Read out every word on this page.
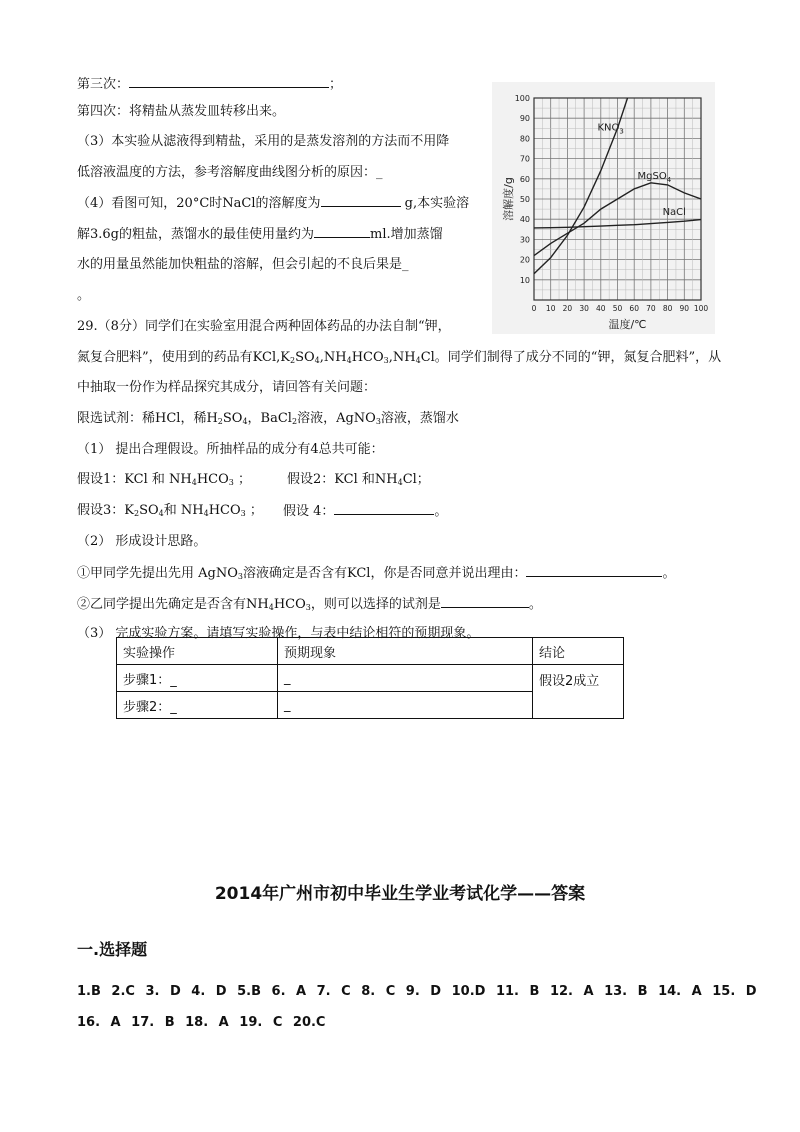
第三次：	；
第四次：将精盐从蒸发皿转移出来。
（3）本实验从滤液得到精盐，采用的是蒸发溶剂的方法而不用降
低溶液温度的方法，参考溶解度曲线图分析的原因：_
（4）看图可知，20°C时NaCl的溶解度为	g,本实验溶
解3.6g的粗盐，蒸馏水的最佳使用量约为	ml.增加蒸馏
水的用量虽然能加快粗盐的溶解，但会引起的不良后果是_
。
29.（8分）同学们在实验室用混合两种固体药品的办法自制“钾，
氮复合肥料”，使用到的药品有$KCl,K_2SO_4,NH_4HCO_3,NH_4Cl$。同学们制得了成分不同的“钾，氮复合肥料”，从
中抽取一份作为样品探究其成分，请回答有关问题：
限选试剂：稀HCl，稀$H_2SO_4$，BaCl$_2$溶液，AgNO$_3$溶液，蒸馏水
（1） 提出合理假设。所抽样品的成分有4总共可能：
假设1：KCl 和 $NH_4HCO_3$ ；	假设2：KCl 和$NH_4Cl$；
假设3：$K_2SO_4$和 $NH_4HCO_3$ ； 假设 4：	。
（2） 形成设计思路。
①甲同学先提出先用 AgNO$_3$溶液确定是否含有KCl，你是否同意并说出理由：	。
②乙同学提出先确定是否含有$NH_4HCO_3$，则可以选择的试剂是	。
（3） 完成实验方案。请填写实验操作，与表中结论相符的预期现象。
10
20
30
40
50
60
70
80
90
100
0 10 20 30 40 50 60 70 80 90 100
温度/℃
溶解度/g
$KNO_3$
MgSO$_4$
NaCl
实验操作	预期现象	结论
步骤1：_	_	假设2成立
步骤2：_	_	
2014年广州市初中毕业生学业考试化学——答案
一.选择题
1.B 2.C 3. D 4. D 5.B 6. A 7. C 8. C 9. D 10.D 11. B 12. A 13. B 14. A 15. D
16. A 17. B 18. A 19. C 20.C
